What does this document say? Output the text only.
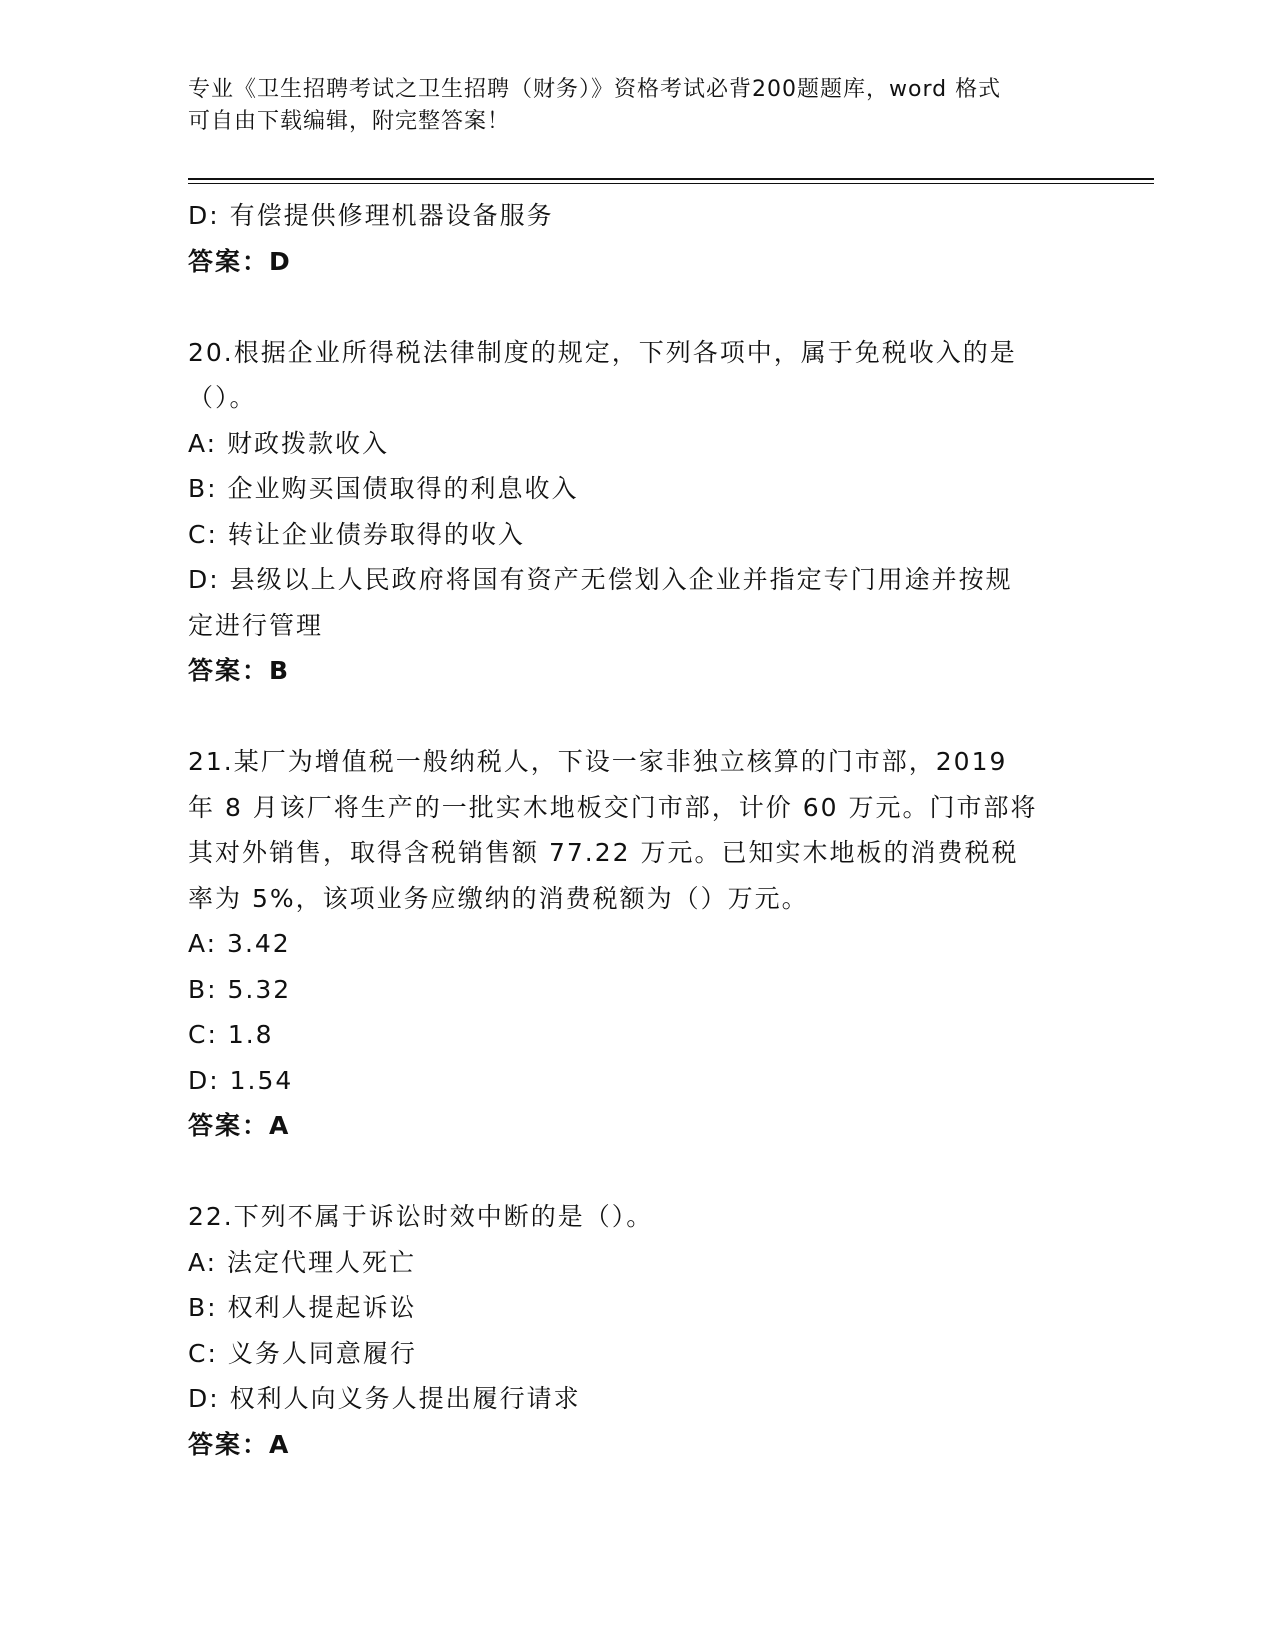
专业《卫生招聘考试之卫生招聘（财务）》资格考试必背200题题库，word 格式
可自由下载编辑，附完整答案！
D: 有偿提供修理机器设备服务
答案：D
20.根据企业所得税法律制度的规定，下列各项中，属于免税收入的是
（）。
A: 财政拨款收入
B: 企业购买国债取得的利息收入
C: 转让企业债券取得的收入
D: 县级以上人民政府将国有资产无偿划入企业并指定专门用途并按规
定进行管理
答案：B
21.某厂为增值税一般纳税人，下设一家非独立核算的门市部，2019
年 8 月该厂将生产的一批实木地板交门市部，计价 60 万元。门市部将
其对外销售，取得含税销售额 77.22 万元。已知实木地板的消费税税
率为 5%，该项业务应缴纳的消费税额为（）万元。
A: 3.42
B: 5.32
C: 1.8
D: 1.54
答案：A
22.下列不属于诉讼时效中断的是（）。
A: 法定代理人死亡
B: 权利人提起诉讼
C: 义务人同意履行
D: 权利人向义务人提出履行请求
答案：A
